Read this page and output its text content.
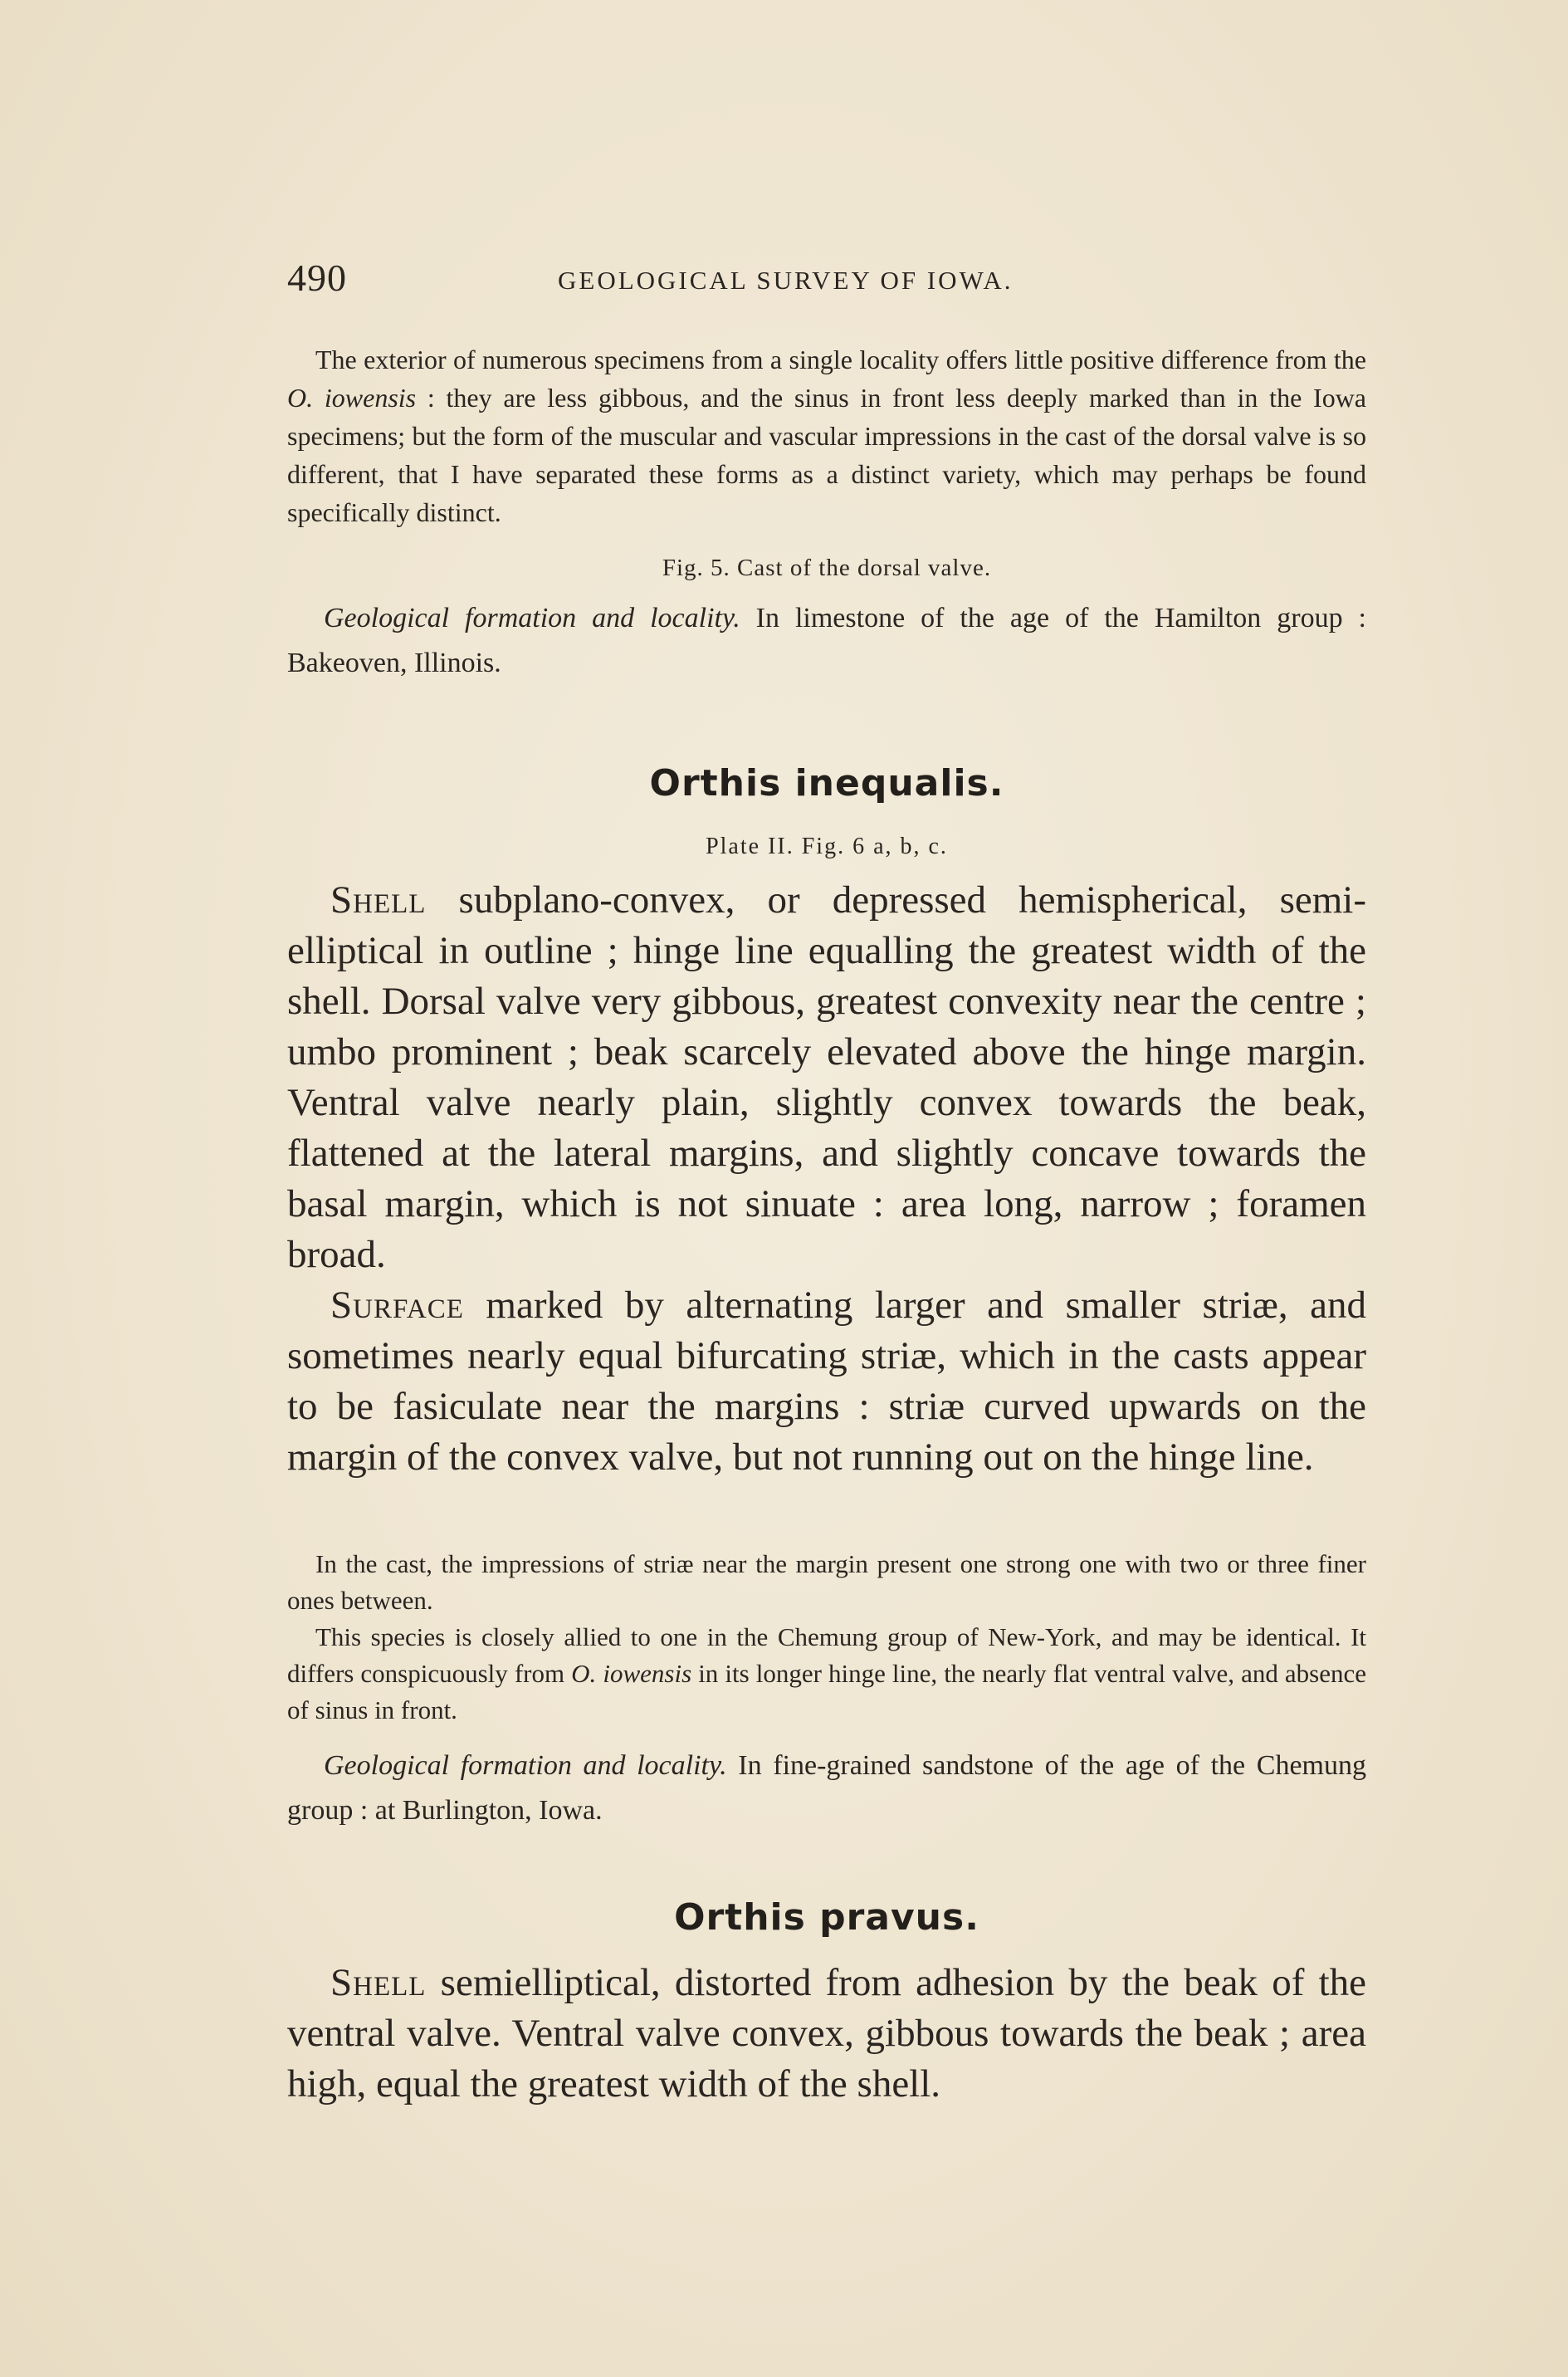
490	GEOLOGICAL SURVEY OF IOWA.

The exterior of numerous specimens from a single locality offers little positive difference from the O. iowensis : they are less gibbous, and the sinus in front less deeply marked than in the Iowa specimens; but the form of the muscular and vascular impressions in the cast of the dorsal valve is so different, that I have separated these forms as a distinct variety, which may perhaps be found specifically distinct.

Fig. 5. Cast of the dorsal valve.

Geological formation and locality. In limestone of the age of the Hamilton group : Bakeoven, Illinois.

Orthis inequalis.
Plate II. Fig. 6 a, b, c.

Shell subplano-convex, or depressed hemispherical, semi-elliptical in outline ; hinge line equalling the greatest width of the shell. Dorsal valve very gibbous, greatest convexity near the centre ; umbo prominent ; beak scarcely elevated above the hinge margin. Ventral valve nearly plain, slightly convex towards the beak, flattened at the lateral margins, and slightly concave towards the basal margin, which is not sinuate : area long, narrow ; foramen broad.

Surface marked by alternating larger and smaller striæ, and sometimes nearly equal bifurcating striæ, which in the casts appear to be fasiculate near the margins : striæ curved upwards on the margin of the convex valve, but not running out on the hinge line.

In the cast, the impressions of striæ near the margin present one strong one with two or three finer ones between.

This species is closely allied to one in the Chemung group of New-York, and may be identical. It differs conspicuously from O. iowensis in its longer hinge line, the nearly flat ventral valve, and absence of sinus in front.

Geological formation and locality. In fine-grained sandstone of the age of the Chemung group : at Burlington, Iowa.

Orthis pravus.

Shell semielliptical, distorted from adhesion by the beak of the ventral valve. Ventral valve convex, gibbous towards the beak ; area high, equal the greatest width of the shell.
